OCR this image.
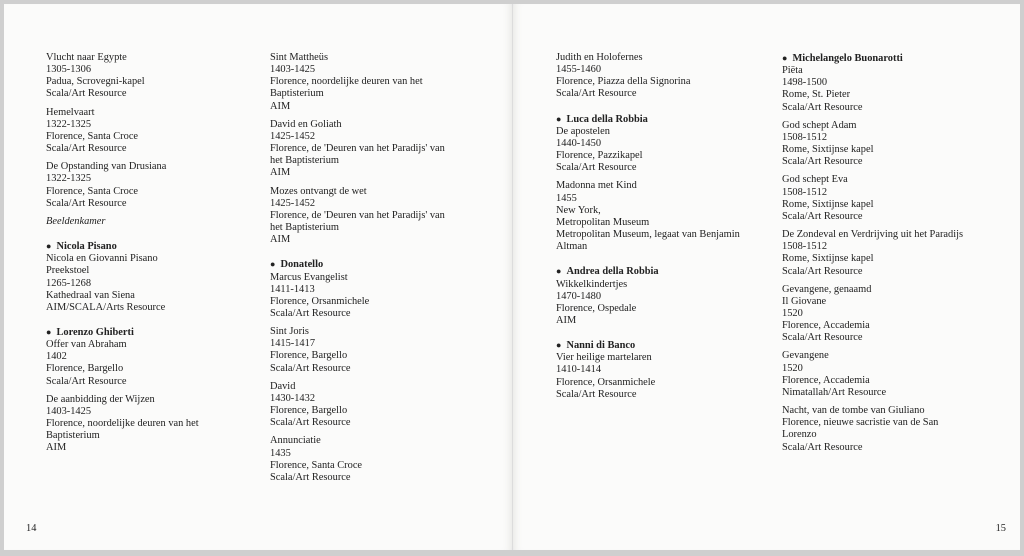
Vlucht naar Egypte
1305-1306
Padua, Scrovegni-kapel
Scala/Art Resource
Hemelvaart
1322-1325
Florence, Santa Croce
Scala/Art Resource
De Opstanding van Drusiana
1322-1325
Florence, Santa Croce
Scala/Art Resource
Beeldenkamer
● Nicola Pisano
Nicola en Giovanni Pisano
Preekstoel
1265-1268
Kathedraal van Siena
AIM/SCALA/Arts Resource
● Lorenzo Ghiberti
Offer van Abraham
1402
Florence, Bargello
Scala/Art Resource
De aanbidding der Wijzen
1403-1425
Florence, noordelijke deuren van het
Baptisterium
AIM
Sint Mattheüs
1403-1425
Florence, noordelijke deuren van het
Baptisterium
AIM
David en Goliath
1425-1452
Florence, de 'Deuren van het Paradijs' van
het Baptisterium
AIM
Mozes ontvangt de wet
1425-1452
Florence, de 'Deuren van het Paradijs' van
het Baptisterium
AIM
● Donatello
Marcus Evangelist
1411-1413
Florence, Orsanmichele
Scala/Art Resource
Sint Joris
1415-1417
Florence, Bargello
Scala/Art Resource
David
1430-1432
Florence, Bargello
Scala/Art Resource
Annunciatie
1435
Florence, Santa Croce
Scala/Art Resource
14
Judith en Holofernes
1455-1460
Florence, Piazza della Signorina
Scala/Art Resource
● Luca della Robbia
De apostelen
1440-1450
Florence, Pazzikapel
Scala/Art Resource
Madonna met Kind
1455
New York,
Metropolitan Museum
Metropolitan Museum, legaat van Benjamin
Altman
● Andrea della Robbia
Wikkelkindertjes
1470-1480
Florence, Ospedale
AIM
● Nanni di Banco
Vier heilige martelaren
1410-1414
Florence, Orsanmichele
Scala/Art Resource
● Michelangelo Buonarotti
Piëta
1498-1500
Rome, St. Pieter
Scala/Art Resource
God schept Adam
1508-1512
Rome, Sixtijnse kapel
Scala/Art Resource
God schept Eva
1508-1512
Rome, Sixtijnse kapel
Scala/Art Resource
De Zondeval en Verdrijving uit het Paradijs
1508-1512
Rome, Sixtijnse kapel
Scala/Art Resource
Gevangene, genaamd
Il Giovane
1520
Florence, Accademia
Scala/Art Resource
Gevangene
1520
Florence, Accademia
Nimatallah/Art Resource
Nacht, van de tombe van Giuliano
Florence, nieuwe sacristie van de San
Lorenzo
Scala/Art Resource
15
